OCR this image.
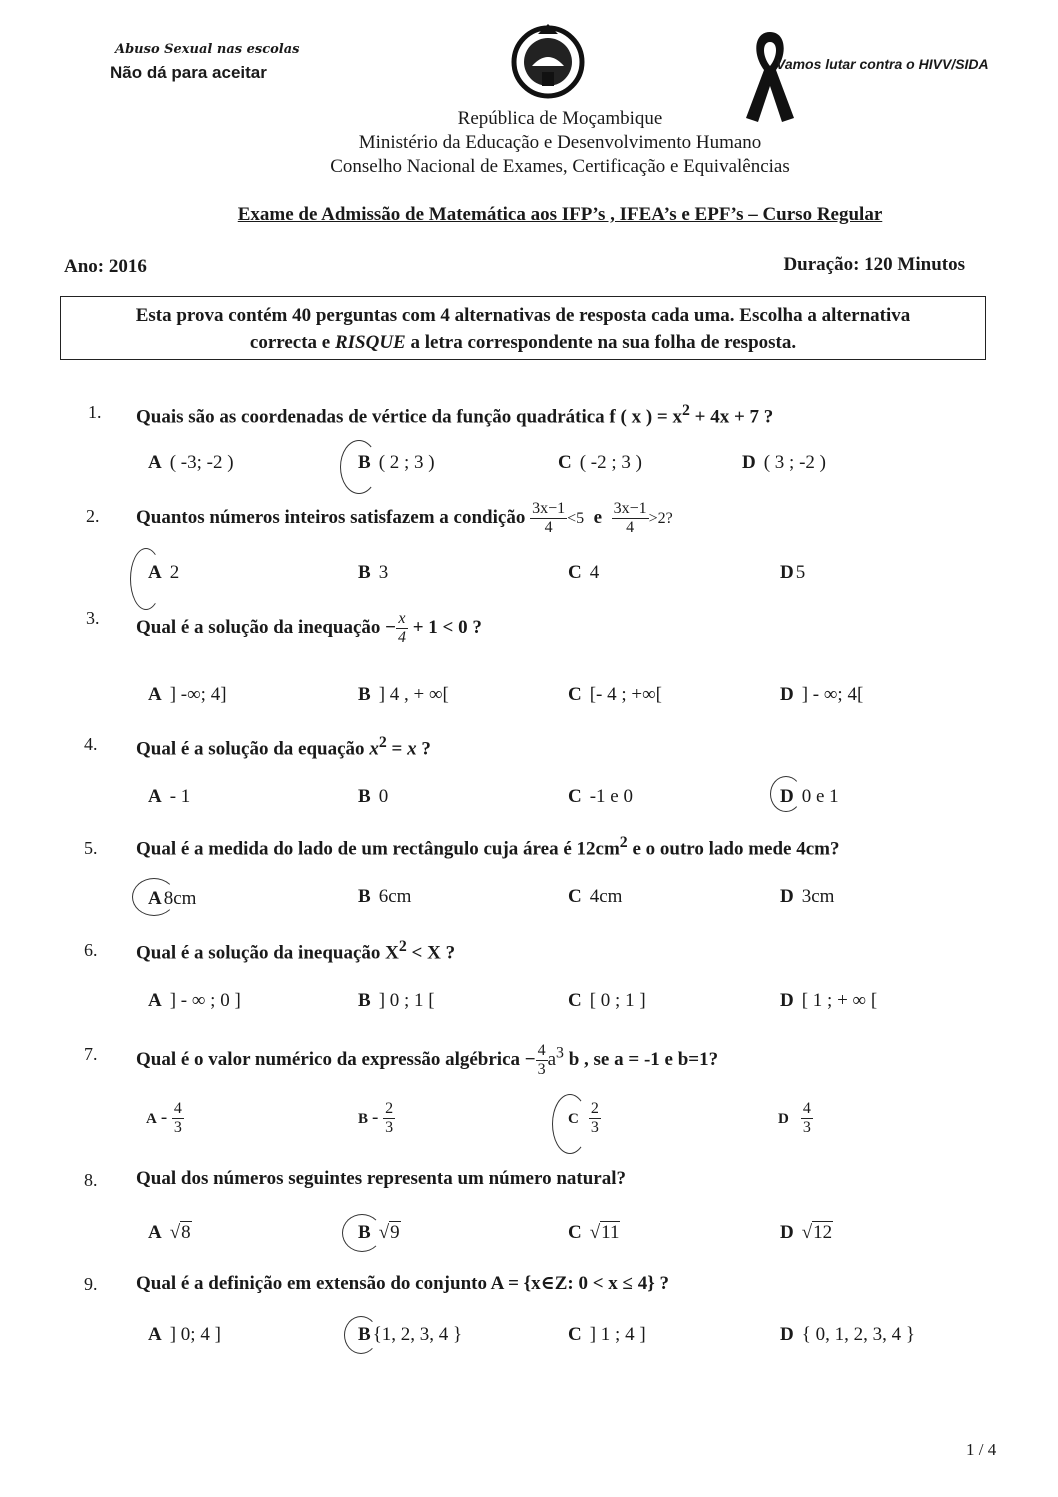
Abuso Sexual nas escolas
Não dá para aceitar	Vamos lutar contra o HIVV/SIDA
República de Moçambique
Ministério da Educação e Desenvolvimento Humano
Conselho Nacional de Exames, Certificação e Equivalências
Exame de Admissão de Matemática aos IFP’s , IFEA’s e EPF’s – Curso Regular
Ano: 2016	Duração: 120 Minutos
Esta prova contém 40 perguntas com 4 alternativas de resposta cada uma. Escolha a alternativa
correcta e RISQUE a letra correspondente na sua folha de resposta.
1. Quais são as coordenadas de vértice da função quadrática f ( x ) = $x^2 + 4x + 7$ ?
A ( -3; -2 )	B ( 2 ; 3 )	C ( -2 ; 3 )	D ( 3 ; -2 )
2. Quantos números inteiros satisfazem a condição $\frac{3x-1}{4} <5$ e $\frac{3x-1}{4} >2$?
A 2	B 3	C 4	D 5
3. Qual é a solução da inequação − $\frac{x}{4} + 1 < 0$ ?
A ] -∞; 4]	B ] 4 , + ∞[	C [- 4 ; +∞[	D ] - ∞; 4[
4. Qual é a solução da equação $x^2 = x$ ?
A - 1	B 0	C -1 e 0	D 0 e 1
5. Qual é a medida do lado de um rectângulo cuja área é $12cm^2$ e o outro lado mede 4cm?
A 8cm	B 6cm	C 4cm	D 3cm
6. Qual é a solução da inequação $X^2 < X$ ?
A ] - ∞ ; 0 ]	B ] 0 ; 1 [	C [ 0 ; 1 ]	D [ 1 ; + ∞ [
7. Qual é o valor numérico da expressão algébrica − $\frac{4}{3} a^3$ b , se a = -1 e b=1?
A - $\frac{4}{3}$	B - $\frac{2}{3}$	C $\frac{2}{3}$	D $\frac{4}{3}$
8. Qual dos números seguintes representa um número natural?
A √8	B √9	C √11	D √12
9. Qual é a definição em extensão do conjunto A = {x∈Z: 0 < x ≤ 4} ?
A ] 0; 4 ]	B {1, 2, 3, 4 }	C ] 1 ; 4 ]	D { 0, 1, 2, 3, 4 }
1 / 4
